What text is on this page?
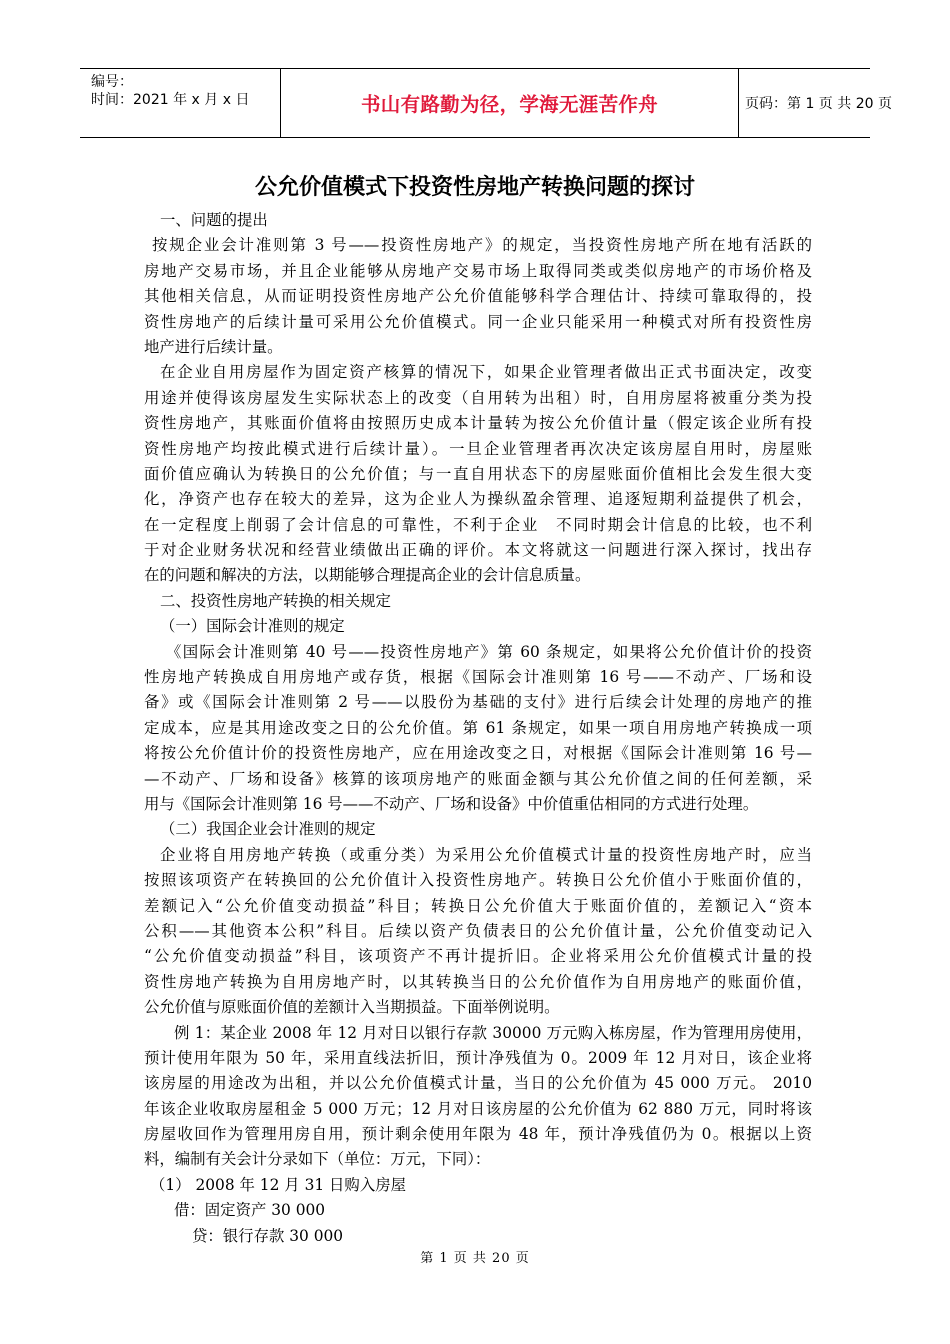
编号：
时间：2021 年 x 月 x 日	书山有路勤为径，学海无涯苦作舟	页码：第 1 页 共 20 页
公允价值模式下投资性房地产转换问题的探讨
一、问题的提出
按规企业会计准则第 3 号——投资性房地产》的规定，当投资性房地产所在地有活跃的
房地产交易市场，并且企业能够从房地产交易市场上取得同类或类似房地产的市场价格及
其他相关信息，从而证明投资性房地产公允价值能够科学合理估计、持续可靠取得的，投
资性房地产的后续计量可采用公允价值模式。同一企业只能采用一种模式对所有投资性房
地产进行后续计量。
在企业自用房屋作为固定资产核算的情况下，如果企业管理者做出正式书面决定，改变
用途并使得该房屋发生实际状态上的改变（自用转为出租）时，自用房屋将被重分类为投
资性房地产，其账面价值将由按照历史成本计量转为按公允价值计量（假定该企业所有投
资性房地产均按此模式进行后续计量）。一旦企业管理者再次决定该房屋自用时，房屋账
面价值应确认为转换日的公允价值；与一直自用状态下的房屋账面价值相比会发生很大变
化，净资产也存在较大的差异，这为企业人为操纵盈余管理、追逐短期利益提供了机会，
在一定程度上削弱了会计信息的可靠性，不利于企业　不同时期会计信息的比较，也不利
于对企业财务状况和经营业绩做出正确的评价。本文将就这一问题进行深入探讨，找出存
在的问题和解决的方法，以期能够合理提高企业的会计信息质量。
二、投资性房地产转换的相关规定
（一）国际会计准则的规定
《国际会计准则第 40 号——投资性房地产》第 60 条规定，如果将公允价值计价的投资
性房地产转换成自用房地产或存货，根据《国际会计准则第 16 号——不动产、厂场和设
备》或《国际会计准则第 2 号——以股份为基础的支付》进行后续会计处理的房地产的推
定成本，应是其用途改变之日的公允价值。第 61 条规定，如果一项自用房地产转换成一项
将按公允价值计价的投资性房地产，应在用途改变之日，对根据《国际会计准则第 16 号—
—不动产、厂场和设备》核算的该项房地产的账面金额与其公允价值之间的任何差额，采
用与《国际会计准则第 16 号——不动产、厂场和设备》中价值重估相同的方式进行处理。
（二）我国企业会计准则的规定
企业将自用房地产转换（或重分类）为采用公允价值模式计量的投资性房地产时，应当
按照该项资产在转换回的公允价值计入投资性房地产。转换日公允价值小于账面价值的，
差额记入“公允价值变动损益”科目；转换日公允价值大于账面价值的，差额记入“资本
公积——其他资本公积”科目。后续以资产负债表日的公允价值计量，公允价值变动记入
“公允价值变动损益”科目，该项资产不再计提折旧。企业将采用公允价值模式计量的投
资性房地产转换为自用房地产时，以其转换当日的公允价值作为自用房地产的账面价值，
公允价值与原账面价值的差额计入当期损益。下面举例说明。
例 1：某企业 2008 年 12 月对日以银行存款 30000 万元购入栋房屋，作为管理用房使用，
预计使用年限为 50 年，采用直线法折旧，预计净残值为 0。2009 年 12 月对日，该企业将
该房屋的用途改为出租，并以公允价值模式计量，当日的公允价值为 45 000 万元。 2010
年该企业收取房屋租金 5 000 万元；12 月对日该房屋的公允价值为 62 880 万元，同时将该
房屋收回作为管理用房自用，预计剩余使用年限为 48 年，预计净残值仍为 0。根据以上资
料，编制有关会计分录如下（单位：万元，下同）：
（1） 2008 年 12 月 31 日购入房屋
借：固定资产 30 000
贷：银行存款 30 000
第 1 页 共 20 页
